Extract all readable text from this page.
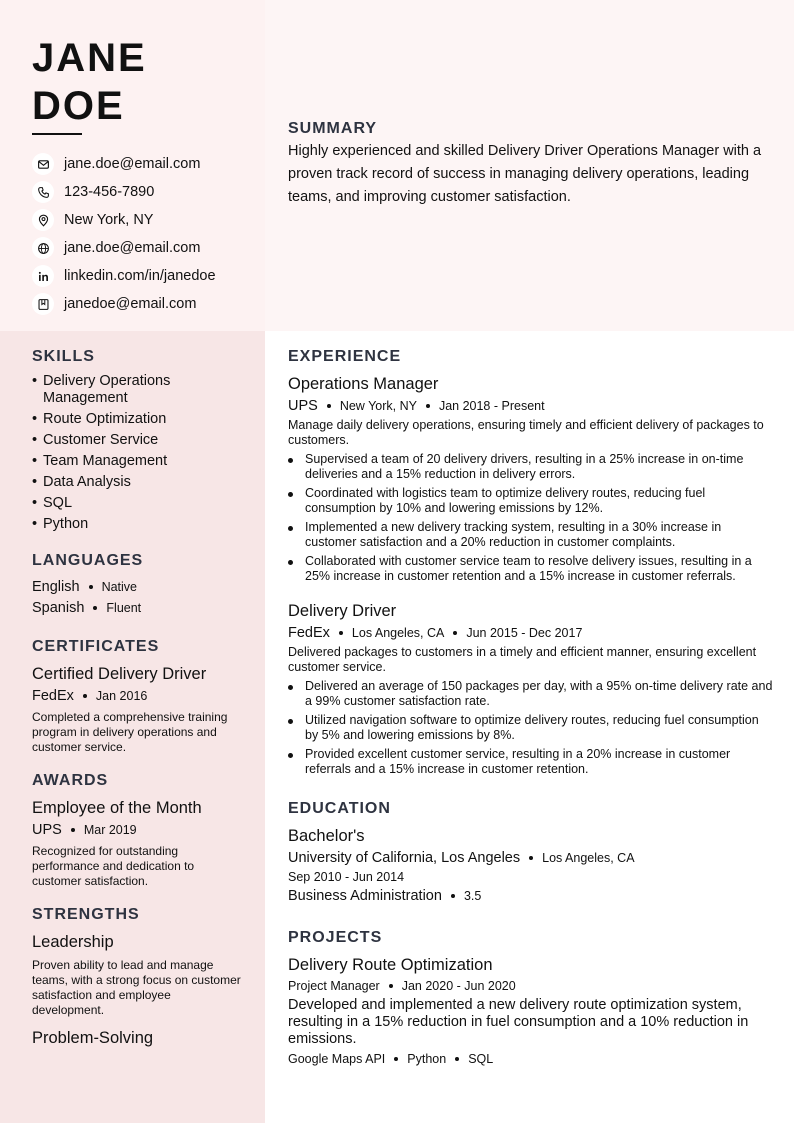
JANE
DOE
jane.doe@email.com
123-456-7890
New York, NY
jane.doe@email.com
linkedin.com/in/janedoe
janedoe@email.com
SUMMARY
Highly experienced and skilled Delivery Driver Operations Manager with a proven track record of success in managing delivery operations, leading teams, and improving customer satisfaction.
SKILLS
• Delivery Operations Management
• Route Optimization
• Customer Service
• Team Management
• Data Analysis
• SQL
• Python
LANGUAGES
English Native
Spanish Fluent
CERTIFICATES
Certified Delivery Driver
FedEx Jan 2016
Completed a comprehensive training program in delivery operations and customer service.
AWARDS
Employee of the Month
UPS Mar 2019
Recognized for outstanding performance and dedication to customer satisfaction.
STRENGTHS
Leadership
Proven ability to lead and manage teams, with a strong focus on customer satisfaction and employee development.
Problem-Solving
EXPERIENCE
Operations Manager
UPS New York, NY Jan 2018 - Present
Manage daily delivery operations, ensuring timely and efficient delivery of packages to customers.
Supervised a team of 20 delivery drivers, resulting in a 25% increase in on-time deliveries and a 15% reduction in delivery errors.
Coordinated with logistics team to optimize delivery routes, reducing fuel consumption by 10% and lowering emissions by 12%.
Implemented a new delivery tracking system, resulting in a 30% increase in customer satisfaction and a 20% reduction in customer complaints.
Collaborated with customer service team to resolve delivery issues, resulting in a 25% increase in customer retention and a 15% increase in customer referrals.
Delivery Driver
FedEx Los Angeles, CA Jun 2015 - Dec 2017
Delivered packages to customers in a timely and efficient manner, ensuring excellent customer service.
Delivered an average of 150 packages per day, with a 95% on-time delivery rate and a 99% customer satisfaction rate.
Utilized navigation software to optimize delivery routes, reducing fuel consumption by 5% and lowering emissions by 8%.
Provided excellent customer service, resulting in a 20% increase in customer referrals and a 15% increase in customer retention.
EDUCATION
Bachelor's
University of California, Los Angeles Los Angeles, CA
Sep 2010 - Jun 2014
Business Administration 3.5
PROJECTS
Delivery Route Optimization
Project Manager Jan 2020 - Jun 2020
Developed and implemented a new delivery route optimization system, resulting in a 15% reduction in fuel consumption and a 10% reduction in emissions.
Google Maps API Python SQL
